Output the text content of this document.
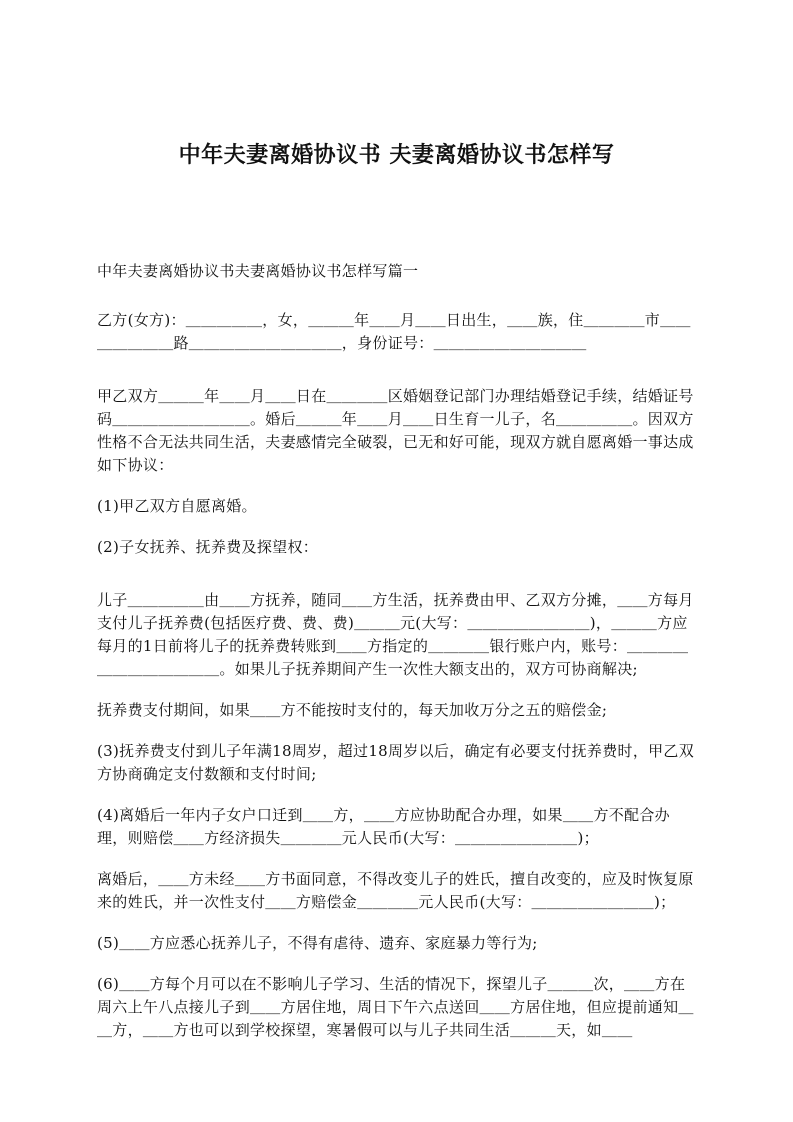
中年夫妻离婚协议书 夫妻离婚协议书怎样写

中年夫妻离婚协议书夫妻离婚协议书怎样写篇一

乙方(女方)：＿＿＿＿＿，女，＿＿＿年＿＿月＿＿日出生，＿＿族，住＿＿＿＿市＿＿＿＿＿＿＿路＿＿＿＿＿＿＿＿＿＿，身份证号：＿＿＿＿＿＿＿＿＿＿

甲乙双方＿＿＿年＿＿月＿＿日在＿＿＿＿区婚姻登记部门办理结婚登记手续，结婚证号码＿＿＿＿＿＿＿＿＿。婚后＿＿＿年＿＿月＿＿日生育一儿子，名＿＿＿＿＿。因双方性格不合无法共同生活，夫妻感情完全破裂，已无和好可能，现双方就自愿离婚一事达成如下协议：

(1)甲乙双方自愿离婚。

(2)子女抚养、抚养费及探望权：

儿子＿＿＿＿＿由＿＿方抚养，随同＿＿方生活，抚养费由甲、乙双方分摊，＿＿方每月支付儿子抚养费(包括医疗费、费、费)＿＿＿元(大写：＿＿＿＿＿＿＿＿)，＿＿＿方应每月的1日前将儿子的抚养费转账到＿＿方指定的＿＿＿＿银行账户内，账号：＿＿＿＿＿＿＿＿＿＿＿＿。如果儿子抚养期间产生一次性大额支出的，双方可协商解决;

抚养费支付期间，如果＿＿方不能按时支付的，每天加收万分之五的赔偿金;

(3)抚养费支付到儿子年满18周岁，超过18周岁以后，确定有必要支付抚养费时，甲乙双方协商确定支付数额和支付时间;

(4)离婚后一年内子女户口迁到＿＿方，＿＿方应协助配合办理，如果＿＿方不配合办理，则赔偿＿＿方经济损失＿＿＿＿元人民币(大写：＿＿＿＿＿＿＿＿)；

离婚后，＿＿方未经＿＿方书面同意，不得改变儿子的姓氏，擅自改变的，应及时恢复原来的姓氏，并一次性支付＿＿方赔偿金＿＿＿＿元人民币(大写：＿＿＿＿＿＿＿＿)；

(5)＿＿方应悉心抚养儿子，不得有虐待、遗弃、家庭暴力等行为;

(6)＿＿方每个月可以在不影响儿子学习、生活的情况下，探望儿子＿＿＿次，＿＿方在周六上午八点接儿子到＿＿方居住地，周日下午六点送回＿＿方居住地，但应提前通知＿＿方，＿＿方也可以到学校探望，寒暑假可以与儿子共同生活＿＿＿天，如＿＿
